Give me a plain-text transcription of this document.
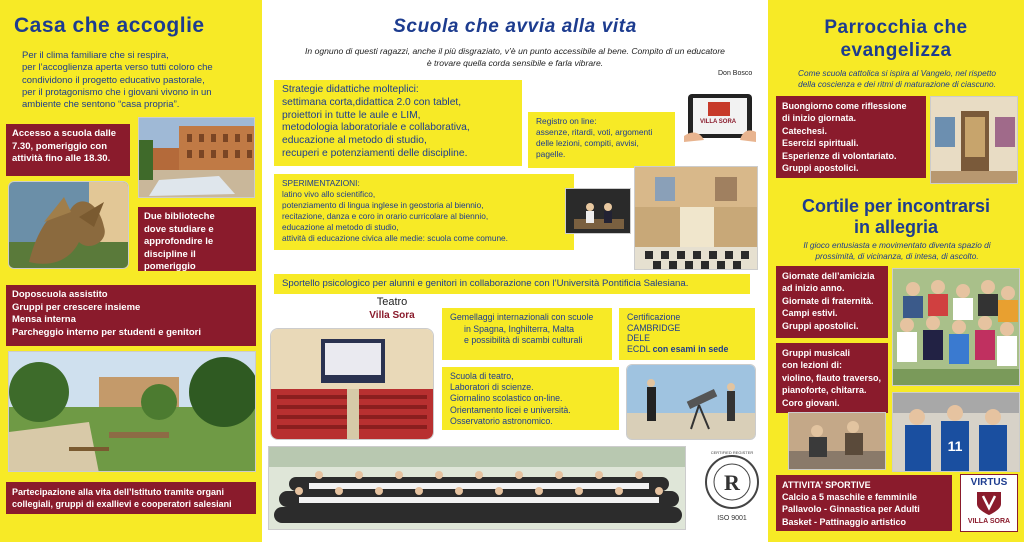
Casa che accoglie
Per il clima familiare che si respira,
per l’accoglienza aperta verso tutti coloro che
condividono il progetto educativo pastorale,
per il protagonismo che i giovani vivono in un
ambiente che sentono “casa propria”.
Accesso a scuola dalle
7.30, pomeriggio con
attività fino alle 18.30.
Due biblioteche
dove studiare e
approfondire le
discipline il pomeriggio
Doposcuola assistito
Gruppi per crescere insieme
Mensa interna
Parcheggio interno per studenti e genitori
Partecipazione alla vita dell’Istituto tramite organi
collegiali, gruppi di exallievi e cooperatori salesiani
Scuola che avvia alla vita
In ognuno di questi ragazzi, anche il più disgraziato, v’è un punto accessibile al bene. Compito di un educatore
è trovare quella corda sensibile e farla vibrare.
Don Bosco
Strategie didattiche molteplici:
settimana corta,didattica 2.0 con tablet,
proiettori in tutte le aule e LIM,
metodologia laboratoriale e collaborativa,
educazione al metodo di studio,
recuperi e potenziamenti delle discipline.
Registro on line:
assenze, ritardi, voti, argomenti
delle lezioni, compiti, avvisi,
pagelle.
VILLA SORA
SPERIMENTAZIONI:
latino vivo allo scientifico,
potenziamento di lingua inglese in geostoria al biennio,
recitazione, danza e coro in orario curricolare al biennio,
educazione al metodo di studio,
attività di educazione civica alle medie: scuola come comune.
Sportello psicologico per alunni e genitori in collaborazione con l’Università Pontificia Salesiana.
Teatro
Villa Sora	Gemellaggi internazionali con scuole
in Spagna, Inghilterra, Malta
e possibilità di scambi culturali
Certificazione
CAMBRIDGE
DELE
ECDL con esami in sede
Scuola di teatro,
Laboratori di scienze.
Giornalino scolastico on-line.
Orientamento licei e università.
Osservatorio astronomico.
R
CERTIFIED REGISTER
ISO 9001
Parrocchia che
evangelizza
Come scuola cattolica si ispira al Vangelo, nel rispetto
della coscienza e dei ritmi di maturazione di ciascuno.
Buongiorno come riflessione
di inizio giornata.
Catechesi.
Esercizi spirituali.
Esperienze di volontariato.
Gruppi apostolici.
Cortile per incontrarsi
in allegria
Il gioco entusiasta e movimentato diventa spazio di
prossimità, di vicinanza, di intesa, di ascolto.
Giornate dell’amicizia
ad inizio anno.
Giornate di fraternità.
Campi estivi.
Gruppi apostolici.
Gruppi musicali
con lezioni di:
violino, flauto traverso,
pianoforte, chitarra.
Coro giovani.
11
ATTIVITA’ SPORTIVE
Calcio a 5 maschile e femminile
Pallavolo - Ginnastica per Adulti
Basket - Pattinaggio artistico
VIRTUS
VILLA SORA
